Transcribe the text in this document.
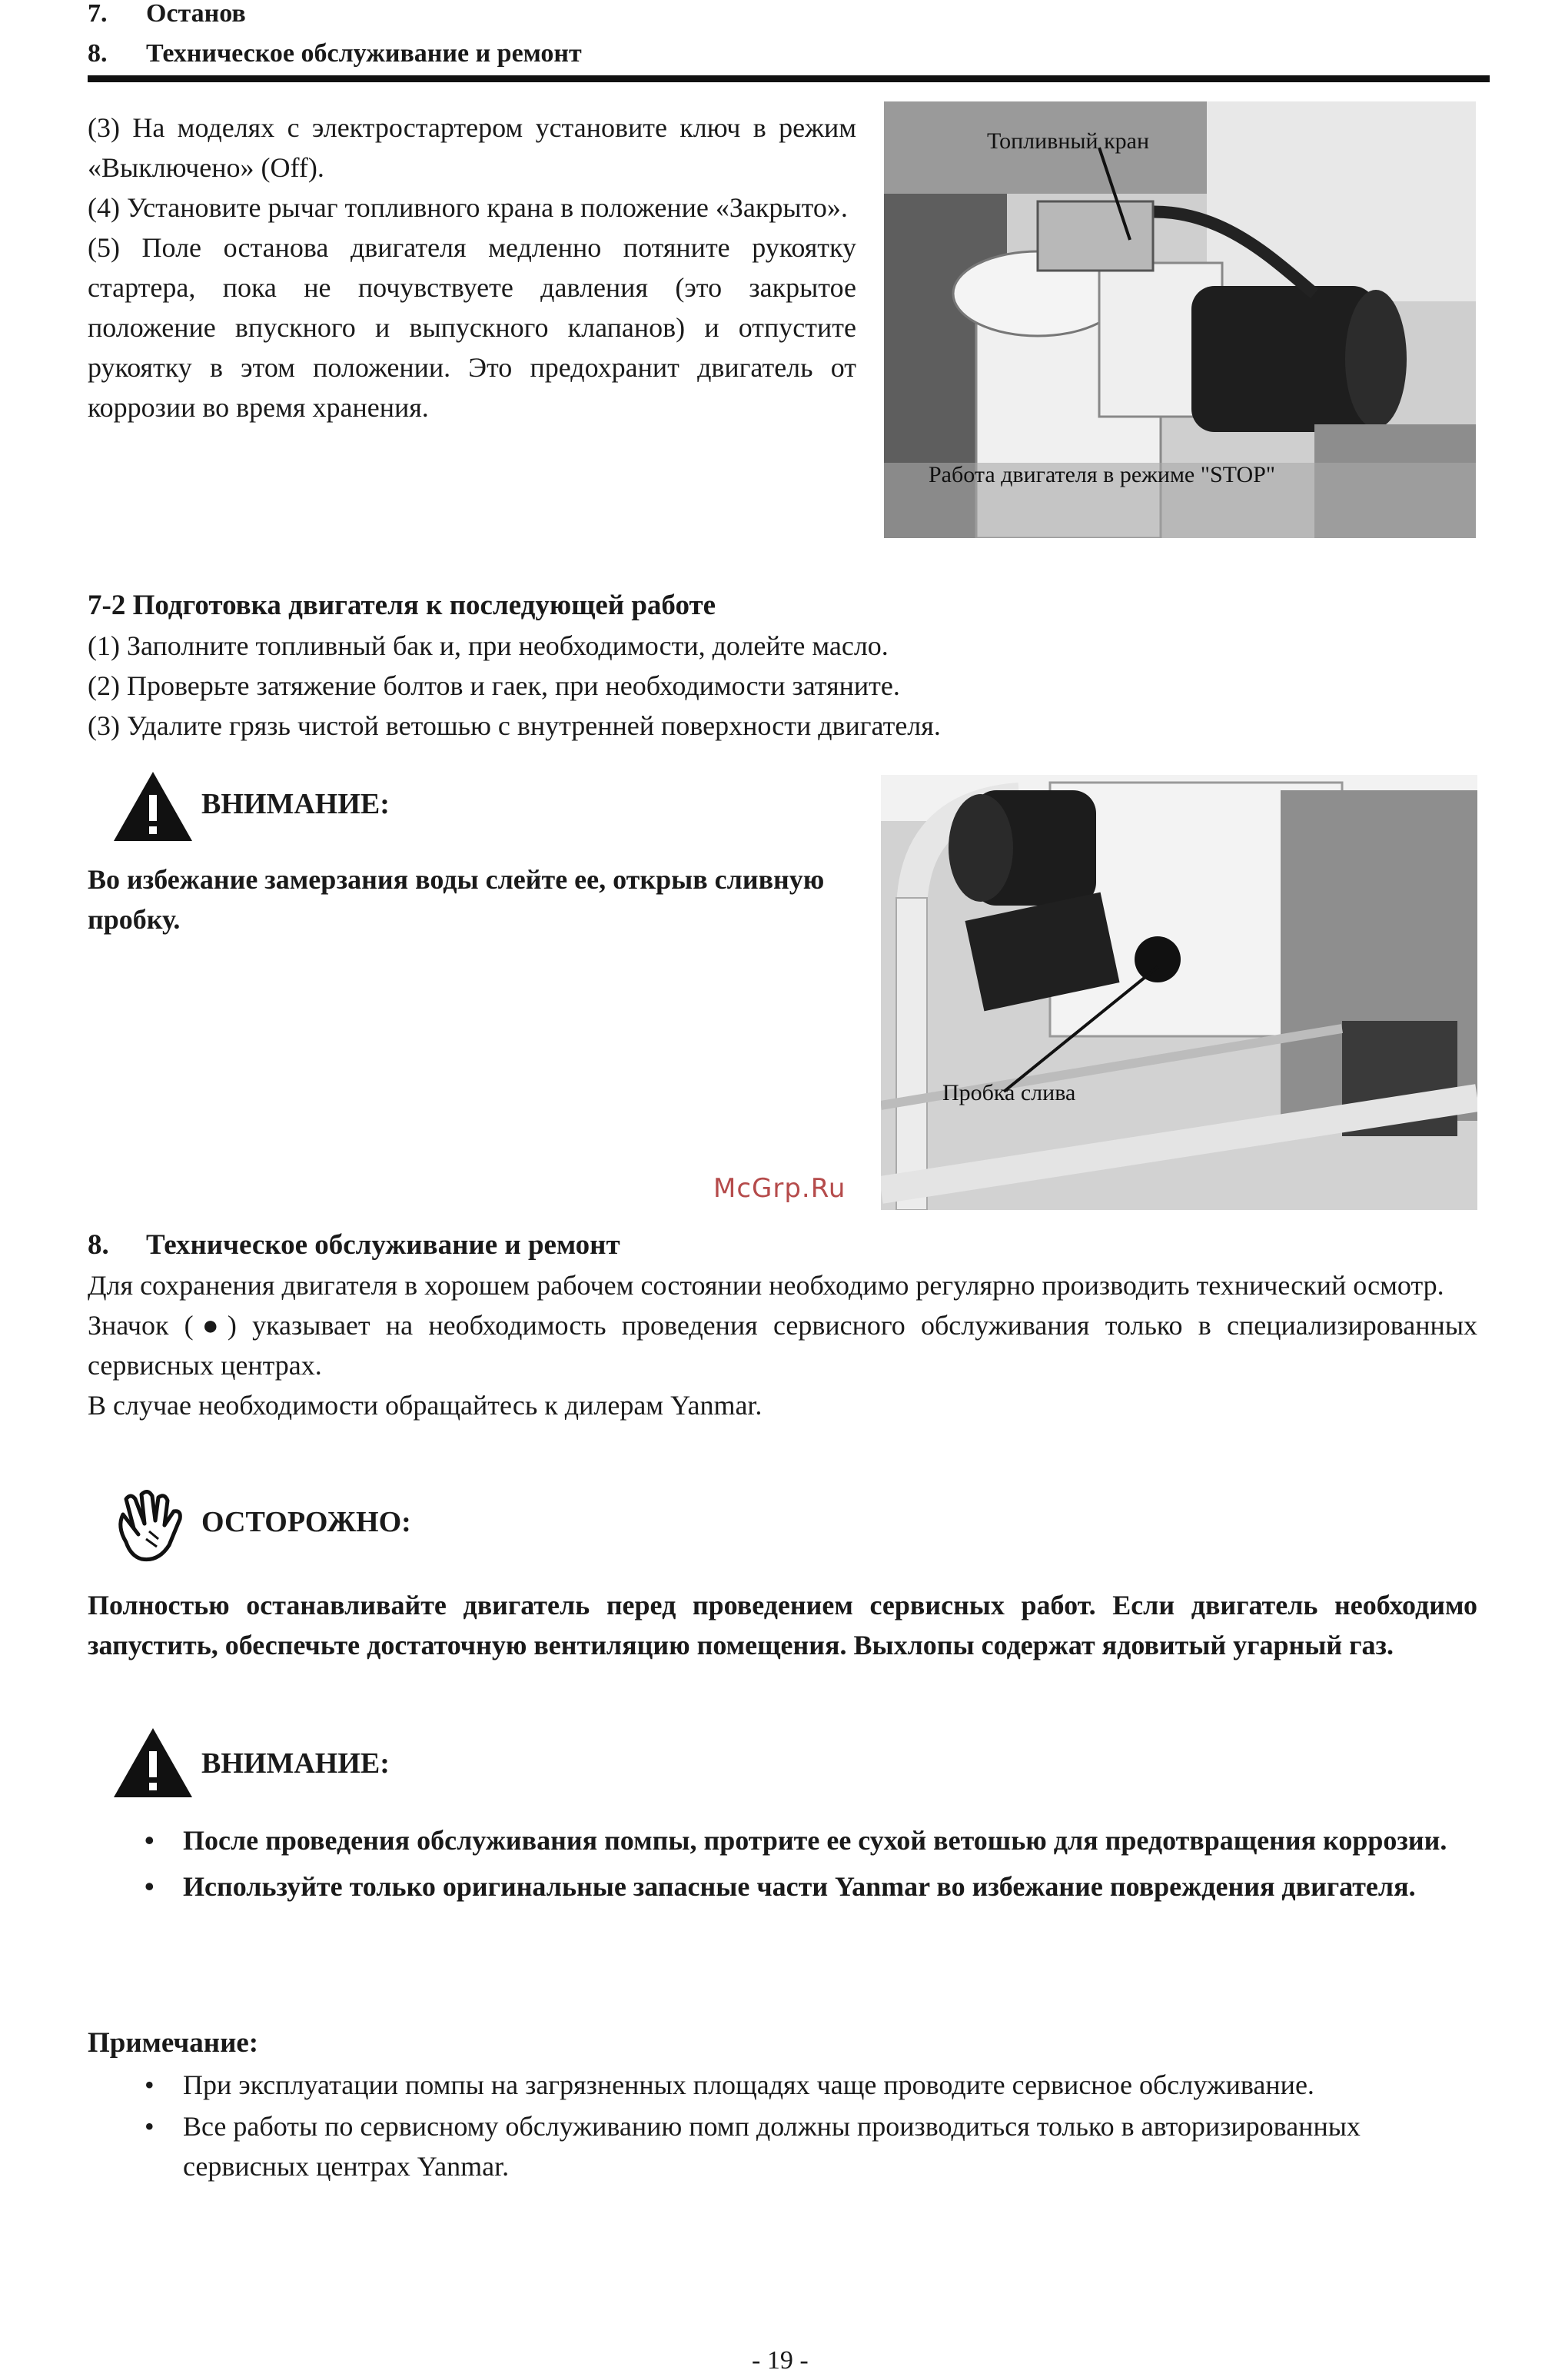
7. Останов
8. Техническое обслуживание и ремонт
(3) На моделях с электростартером установите ключ в режим «Выключено» (Off).
(4) Установите рычаг топливного крана в положение «Закрыто».
(5) Поле останова двигателя медленно потяните рукоятку стартера, пока не почувствуете давления (это закрытое положение впускного и выпускного клапанов) и отпустите рукоятку в этом положении. Это предохранит двигатель от коррозии во время хранения.
Топливный кран
Работа двигателя в режиме "STOP"
7-2 Подготовка двигателя к последующей работе
(1) Заполните топливный бак и, при необходимости, долейте масло.
(2) Проверьте затяжение болтов и гаек, при необходимости затяните.
(3) Удалите грязь чистой ветошью с внутренней поверхности двигателя.
ВНИМАНИЕ:
Во избежание замерзания воды слейте ее, открыв сливную пробку.
Пробка слива
McGrp.Ru
8. Техническое обслуживание и ремонт
Для сохранения двигателя в хорошем рабочем состоянии необходимо регулярно производить технический осмотр.
Значок (●) указывает на необходимость проведения сервисного обслуживания только в специализированных сервисных центрах.
В случае необходимости обращайтесь к дилерам Yanmar.
ОСТОРОЖНО:
Полностью останавливайте двигатель перед проведением сервисных работ. Если двигатель необходимо запустить, обеспечьте достаточную вентиляцию помещения. Выхлопы содержат ядовитый угарный газ.
ВНИМАНИЕ:
• После проведения обслуживания помпы, протрите ее сухой ветошью для предотвращения коррозии.
• Используйте только оригинальные запасные части Yanmar во избежание повреждения двигателя.
Примечание:
• При эксплуатации помпы на загрязненных площадях чаще проводите сервисное обслуживание.
• Все работы по сервисному обслуживанию помп должны производиться только в авторизированных сервисных центрах Yanmar.
- 19 -
